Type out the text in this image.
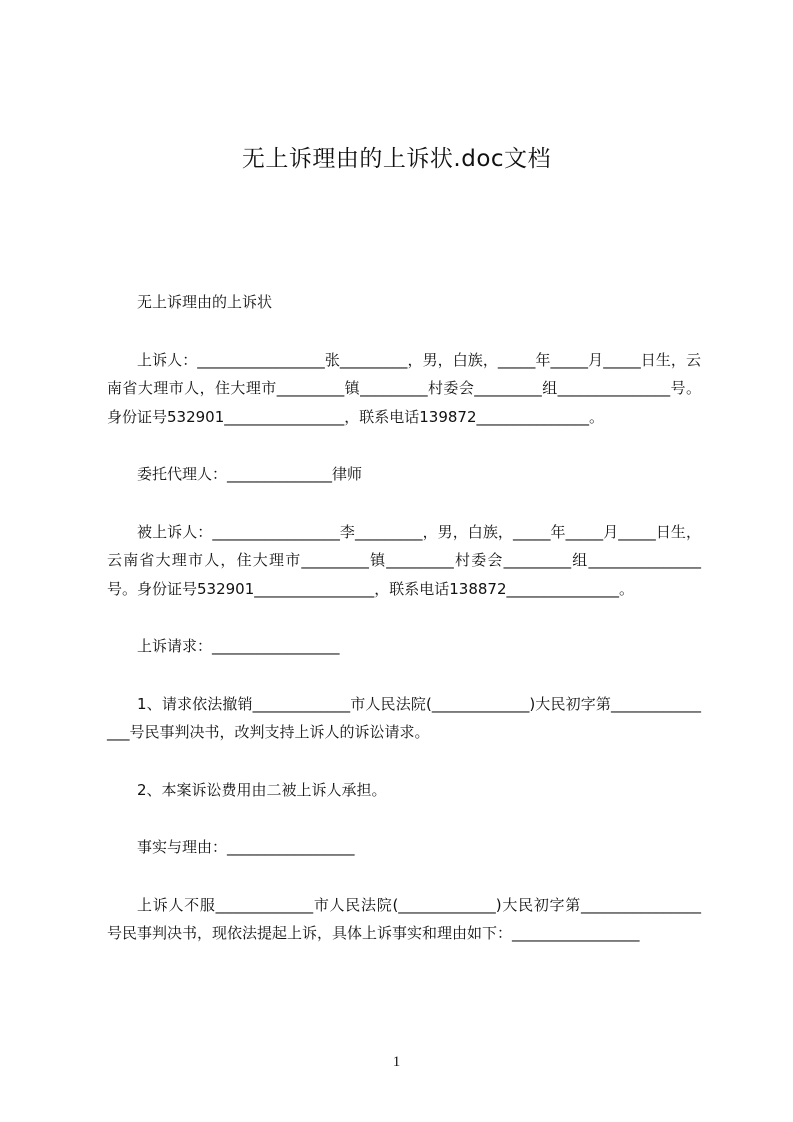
无上诉理由的上诉状.doc文档

无上诉理由的上诉状

上诉人：_________________张_________，男，白族，_____年_____月_____日生，云南省大理市人，住大理市_________镇_________村委会_________组_______________号。身份证号532901________________，联系电话139872_______________。

委托代理人：______________律师

被上诉人：_________________李_________，男，白族，_____年_____月_____日生，云南省大理市人，住大理市_________镇_________村委会_________组_______________号。身份证号532901________________，联系电话138872_______________。

上诉请求：_________________

1、请求依法撤销_____________市人民法院(_____________)大民初字第_______________号民事判决书，改判支持上诉人的诉讼请求。

2、本案诉讼费用由二被上诉人承担。

事实与理由：_________________

上诉人不服_____________市人民法院(_____________)大民初字第________________号民事判决书，现依法提起上诉，具体上诉事实和理由如下：_________________

1
